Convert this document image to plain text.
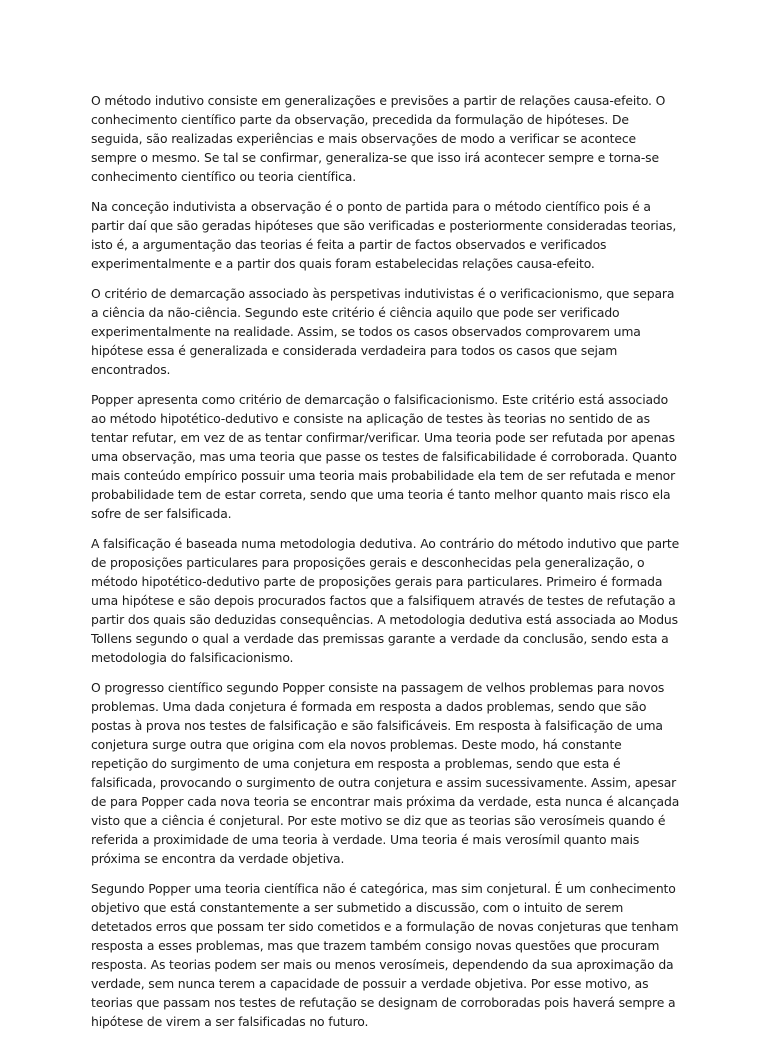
O método indutivo consiste em generalizações e previsões a partir de relações causa-efeito. O conhecimento científico parte da observação, precedida da formulação de hipóteses. De seguida, são realizadas experiências e mais observações de modo a verificar se acontece sempre o mesmo. Se tal se confirmar, generaliza-se que isso irá acontecer sempre e torna-se conhecimento científico ou teoria científica.

Na conceção indutivista a observação é o ponto de partida para o método científico pois é a partir daí que são geradas hipóteses que são verificadas e posteriormente consideradas teorias, isto é, a argumentação das teorias é feita a partir de factos observados e verificados experimentalmente e a partir dos quais foram estabelecidas relações causa-efeito.

O critério de demarcação associado às perspetivas indutivistas é o verificacionismo, que separa a ciência da não-ciência. Segundo este critério é ciência aquilo que pode ser verificado experimentalmente na realidade. Assim, se todos os casos observados comprovarem uma hipótese essa é generalizada e considerada verdadeira para todos os casos que sejam encontrados.

Popper apresenta como critério de demarcação o falsificacionismo. Este critério está associado ao método hipotético-dedutivo e consiste na aplicação de testes às teorias no sentido de as tentar refutar, em vez de as tentar confirmar/verificar. Uma teoria pode ser refutada por apenas uma observação, mas uma teoria que passe os testes de falsificabilidade é corroborada. Quanto mais conteúdo empírico possuir uma teoria mais probabilidade ela tem de ser refutada e menor probabilidade tem de estar correta, sendo que uma teoria é tanto melhor quanto mais risco ela sofre de ser falsificada.

A falsificação é baseada numa metodologia dedutiva. Ao contrário do método indutivo que parte de proposições particulares para proposições gerais e desconhecidas pela generalização, o método hipotético-dedutivo parte de proposições gerais para particulares. Primeiro é formada uma hipótese e são depois procurados factos que a falsifiquem através de testes de refutação a partir dos quais são deduzidas consequências. A metodologia dedutiva está associada ao Modus Tollens segundo o qual a verdade das premissas garante a verdade da conclusão, sendo esta a metodologia do falsificacionismo.

O progresso científico segundo Popper consiste na passagem de velhos problemas para novos problemas. Uma dada conjetura é formada em resposta a dados problemas, sendo que são postas à prova nos testes de falsificação e são falsificáveis. Em resposta à falsificação de uma conjetura surge outra que origina com ela novos problemas. Deste modo, há constante repetição do surgimento de uma conjetura em resposta a problemas, sendo que esta é falsificada, provocando o surgimento de outra conjetura e assim sucessivamente. Assim, apesar de para Popper cada nova teoria se encontrar mais próxima da verdade, esta nunca é alcançada visto que a ciência é conjetural. Por este motivo se diz que as teorias são verosímeis quando é referida a proximidade de uma teoria à verdade. Uma teoria é mais verosímil quanto mais próxima se encontra da verdade objetiva.

Segundo Popper uma teoria científica não é categórica, mas sim conjetural. É um conhecimento objetivo que está constantemente a ser submetido a discussão, com o intuito de serem detetados erros que possam ter sido cometidos e a formulação de novas conjeturas que tenham resposta a esses problemas, mas que trazem também consigo novas questões que procuram resposta. As teorias podem ser mais ou menos verosímeis, dependendo da sua aproximação da verdade, sem nunca terem a capacidade de possuir a verdade objetiva. Por esse motivo, as teorias que passam nos testes de refutação se designam de corroboradas pois haverá sempre a hipótese de virem a ser falsificadas no futuro.
